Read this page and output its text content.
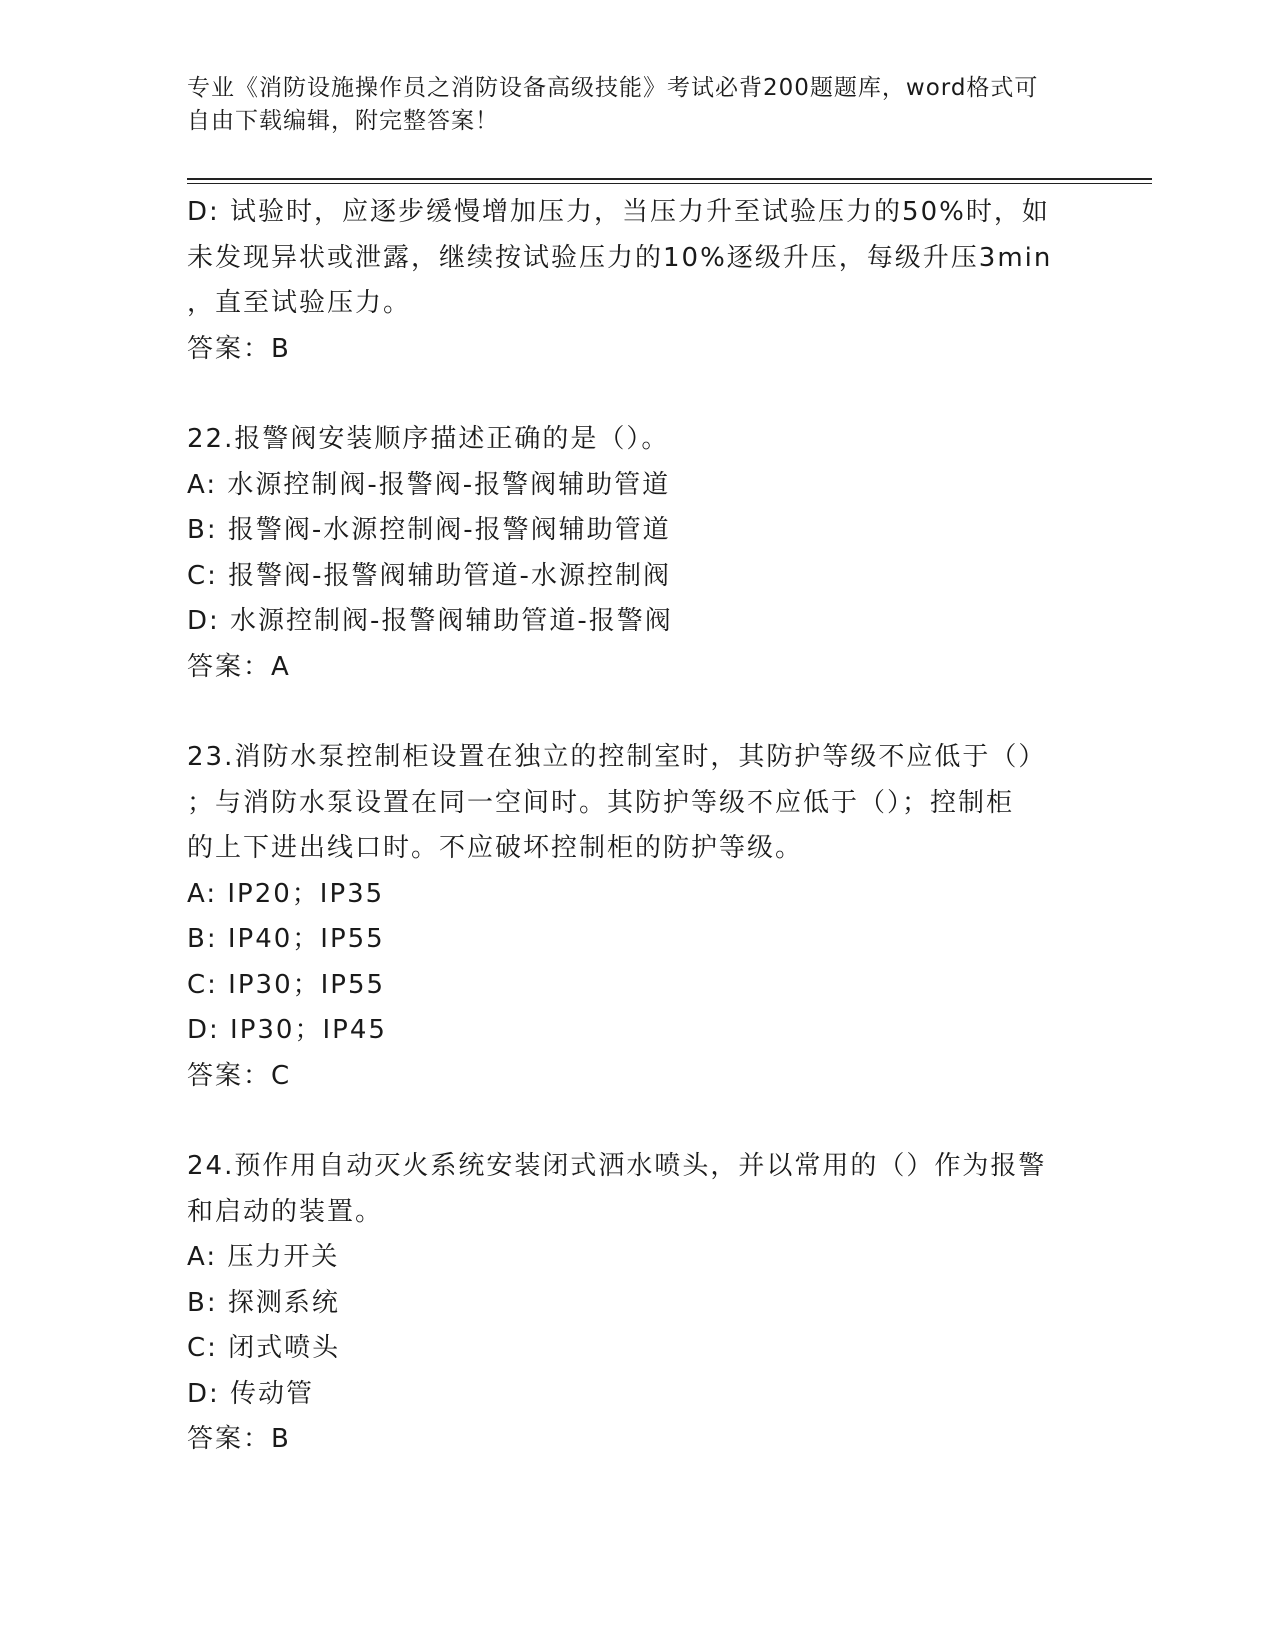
专业《消防设施操作员之消防设备高级技能》考试必背200题题库，word格式可
自由下载编辑，附完整答案！
D: 试验时，应逐步缓慢增加压力，当压力升至试验压力的50%时，如
未发现异状或泄露，继续按试验压力的10%逐级升压，每级升压3min
，直至试验压力。
答案：B
22.报警阀安装顺序描述正确的是（）。
A: 水源控制阀-报警阀-报警阀辅助管道
B: 报警阀-水源控制阀-报警阀辅助管道
C: 报警阀-报警阀辅助管道-水源控制阀
D: 水源控制阀-报警阀辅助管道-报警阀
答案：A
23.消防水泵控制柜设置在独立的控制室时，其防护等级不应低于（）
；与消防水泵设置在同一空间时。其防护等级不应低于（）；控制柜
的上下进出线口时。不应破坏控制柜的防护等级。
A: IP20；IP35
B: IP40；IP55
C: IP30；IP55
D: IP30；IP45
答案：C
24.预作用自动灭火系统安装闭式洒水喷头，并以常用的（）作为报警
和启动的装置。
A: 压力开关
B: 探测系统
C: 闭式喷头
D: 传动管
答案：B
